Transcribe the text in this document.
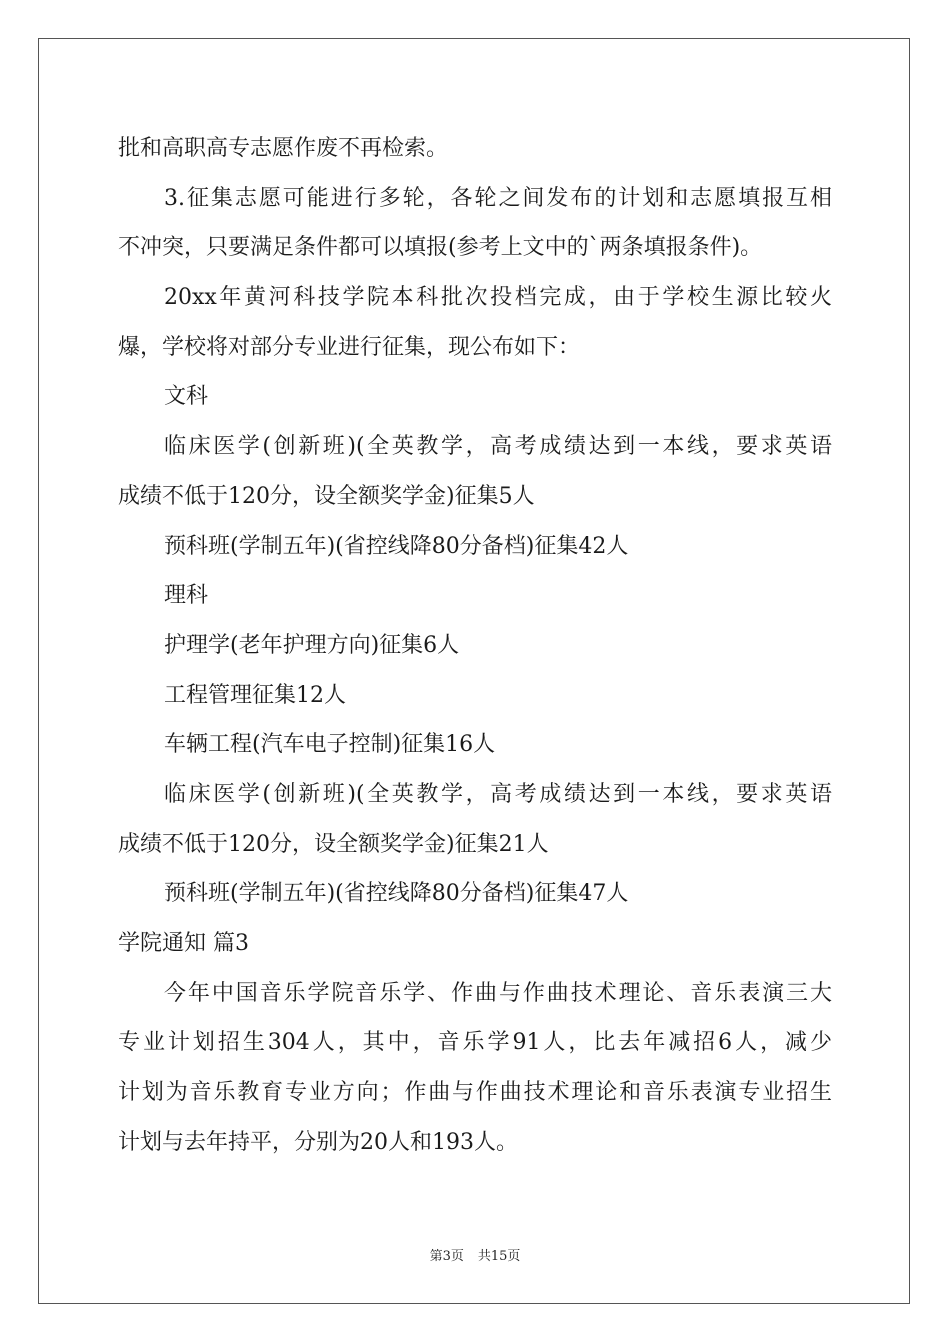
批和高职高专志愿作废不再检索。
3.征集志愿可能进行多轮，各轮之间发布的计划和志愿填报互相
不冲突，只要满足条件都可以填报(参考上文中的`两条填报条件)。
20xx年黄河科技学院本科批次投档完成，由于学校生源比较火
爆，学校将对部分专业进行征集，现公布如下：
文科
临床医学(创新班)(全英教学，高考成绩达到一本线，要求英语
成绩不低于120分，设全额奖学金)征集5人
预科班(学制五年)(省控线降80分备档)征集42人
理科
护理学(老年护理方向)征集6人
工程管理征集12人
车辆工程(汽车电子控制)征集16人
临床医学(创新班)(全英教学，高考成绩达到一本线，要求英语
成绩不低于120分，设全额奖学金)征集21人
预科班(学制五年)(省控线降80分备档)征集47人
学院通知 篇3
今年中国音乐学院音乐学、作曲与作曲技术理论、音乐表演三大
专业计划招生304人，其中，音乐学91人，比去年减招6人，减少
计划为音乐教育专业方向；作曲与作曲技术理论和音乐表演专业招生
计划与去年持平，分别为20人和193人。
第3页 共15页
